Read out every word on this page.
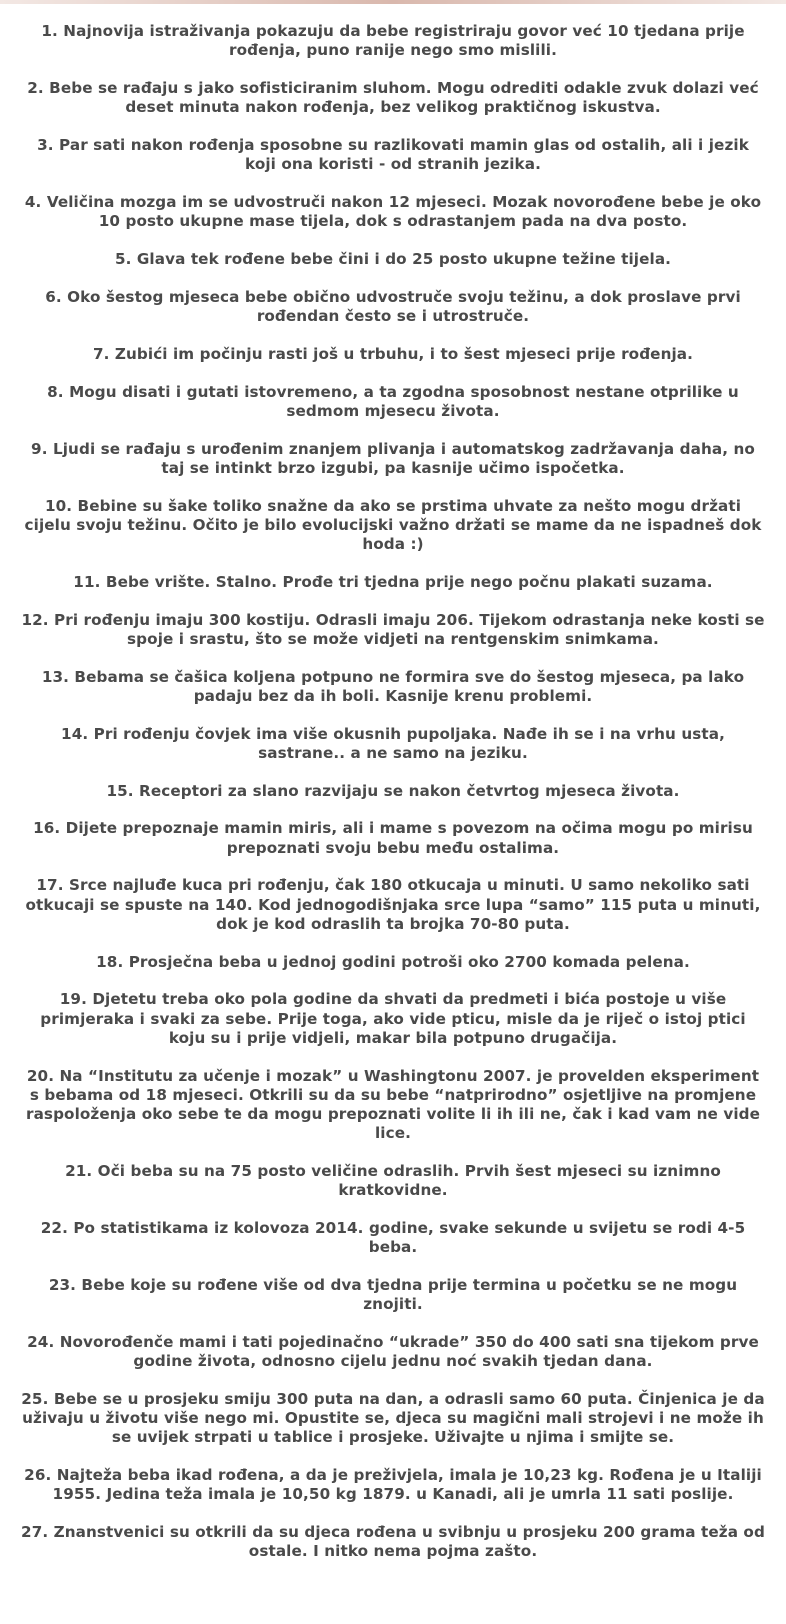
1. Najnovija istraživanja pokazuju da bebe registriraju govor već 10 tjedana prije rođenja, puno ranije nego smo mislili.

2. Bebe se rađaju s jako sofisticiranim sluhom. Mogu odrediti odakle zvuk dolazi već deset minuta nakon rođenja, bez velikog praktičnog iskustva.

3. Par sati nakon rođenja sposobne su razlikovati mamin glas od ostalih, ali i jezik koji ona koristi - od stranih jezika.

4. Veličina mozga im se udvostruči nakon 12 mjeseci. Mozak novorođene bebe je oko 10 posto ukupne mase tijela, dok s odrastanjem pada na dva posto.

5. Glava tek rođene bebe čini i do 25 posto ukupne težine tijela.

6. Oko šestog mjeseca bebe obično udvostruče svoju težinu, a dok proslave prvi rođendan često se i utrostruče.

7. Zubići im počinju rasti još u trbuhu, i to šest mjeseci prije rođenja.

8. Mogu disati i gutati istovremeno, a ta zgodna sposobnost nestane otprilike u sedmom mjesecu života.

9. Ljudi se rađaju s urođenim znanjem plivanja i automatskog zadržavanja daha, no taj se intinkt brzo izgubi, pa kasnije učimo ispočetka.

10. Bebine su šake toliko snažne da ako se prstima uhvate za nešto mogu držati cijelu svoju težinu. Očito je bilo evolucijski važno držati se mame da ne ispadneš dok hoda :)

11. Bebe vrište. Stalno. Prođe tri tjedna prije nego počnu plakati suzama.

12. Pri rođenju imaju 300 kostiju. Odrasli imaju 206. Tijekom odrastanja neke kosti se spoje i srastu, što se može vidjeti na rentgenskim snimkama.

13. Bebama se čašica koljena potpuno ne formira sve do šestog mjeseca, pa lako padaju bez da ih boli. Kasnije krenu problemi.

14. Pri rođenju čovjek ima više okusnih pupoljaka. Nađe ih se i na vrhu usta, sastrane.. a ne samo na jeziku.

15. Receptori za slano razvijaju se nakon četvrtog mjeseca života.

16. Dijete prepoznaje mamin miris, ali i mame s povezom na očima mogu po mirisu prepoznati svoju bebu među ostalima.

17. Srce najluđe kuca pri rođenju, čak 180 otkucaja u minuti. U samo nekoliko sati otkucaji se spuste na 140. Kod jednogodišnjaka srce lupa “samo” 115 puta u minuti, dok je kod odraslih ta brojka 70-80 puta.

18. Prosječna beba u jednoj godini potroši oko 2700 komada pelena.

19. Djetetu treba oko pola godine da shvati da predmeti i bića postoje u više primjeraka i svaki za sebe. Prije toga, ako vide pticu, misle da je riječ o istoj ptici koju su i prije vidjeli, makar bila potpuno drugačija.

20. Na “Institutu za učenje i mozak” u Washingtonu 2007. je provelden eksperiment s bebama od 18 mjeseci. Otkrili su da su bebe “natprirodno” osjetljive na promjene raspoloženja oko sebe te da mogu prepoznati volite li ih ili ne, čak i kad vam ne vide lice.

21. Oči beba su na 75 posto veličine odraslih. Prvih šest mjeseci su iznimno kratkovidne.

22. Po statistikama iz kolovoza 2014. godine, svake sekunde u svijetu se rodi 4-5 beba.

23. Bebe koje su rođene više od dva tjedna prije termina u početku se ne mogu znojiti.

24. Novorođenče mami i tati pojedinačno “ukrade” 350 do 400 sati sna tijekom prve godine života, odnosno cijelu jednu noć svakih tjedan dana.

25. Bebe se u prosjeku smiju 300 puta na dan, a odrasli samo 60 puta. Činjenica je da uživaju u životu više nego mi. Opustite se, djeca su magični mali strojevi i ne može ih se uvijek strpati u tablice i prosjeke. Uživajte u njima i smijte se.

26. Najteža beba ikad rođena, a da je preživjela, imala je 10,23 kg. Rođena je u Italiji 1955. Jedina teža imala je 10,50 kg 1879. u Kanadi, ali je umrla 11 sati poslije.

27. Znanstvenici su otkrili da su djeca rođena u svibnju u prosjeku 200 grama teža od ostale. I nitko nema pojma zašto.
